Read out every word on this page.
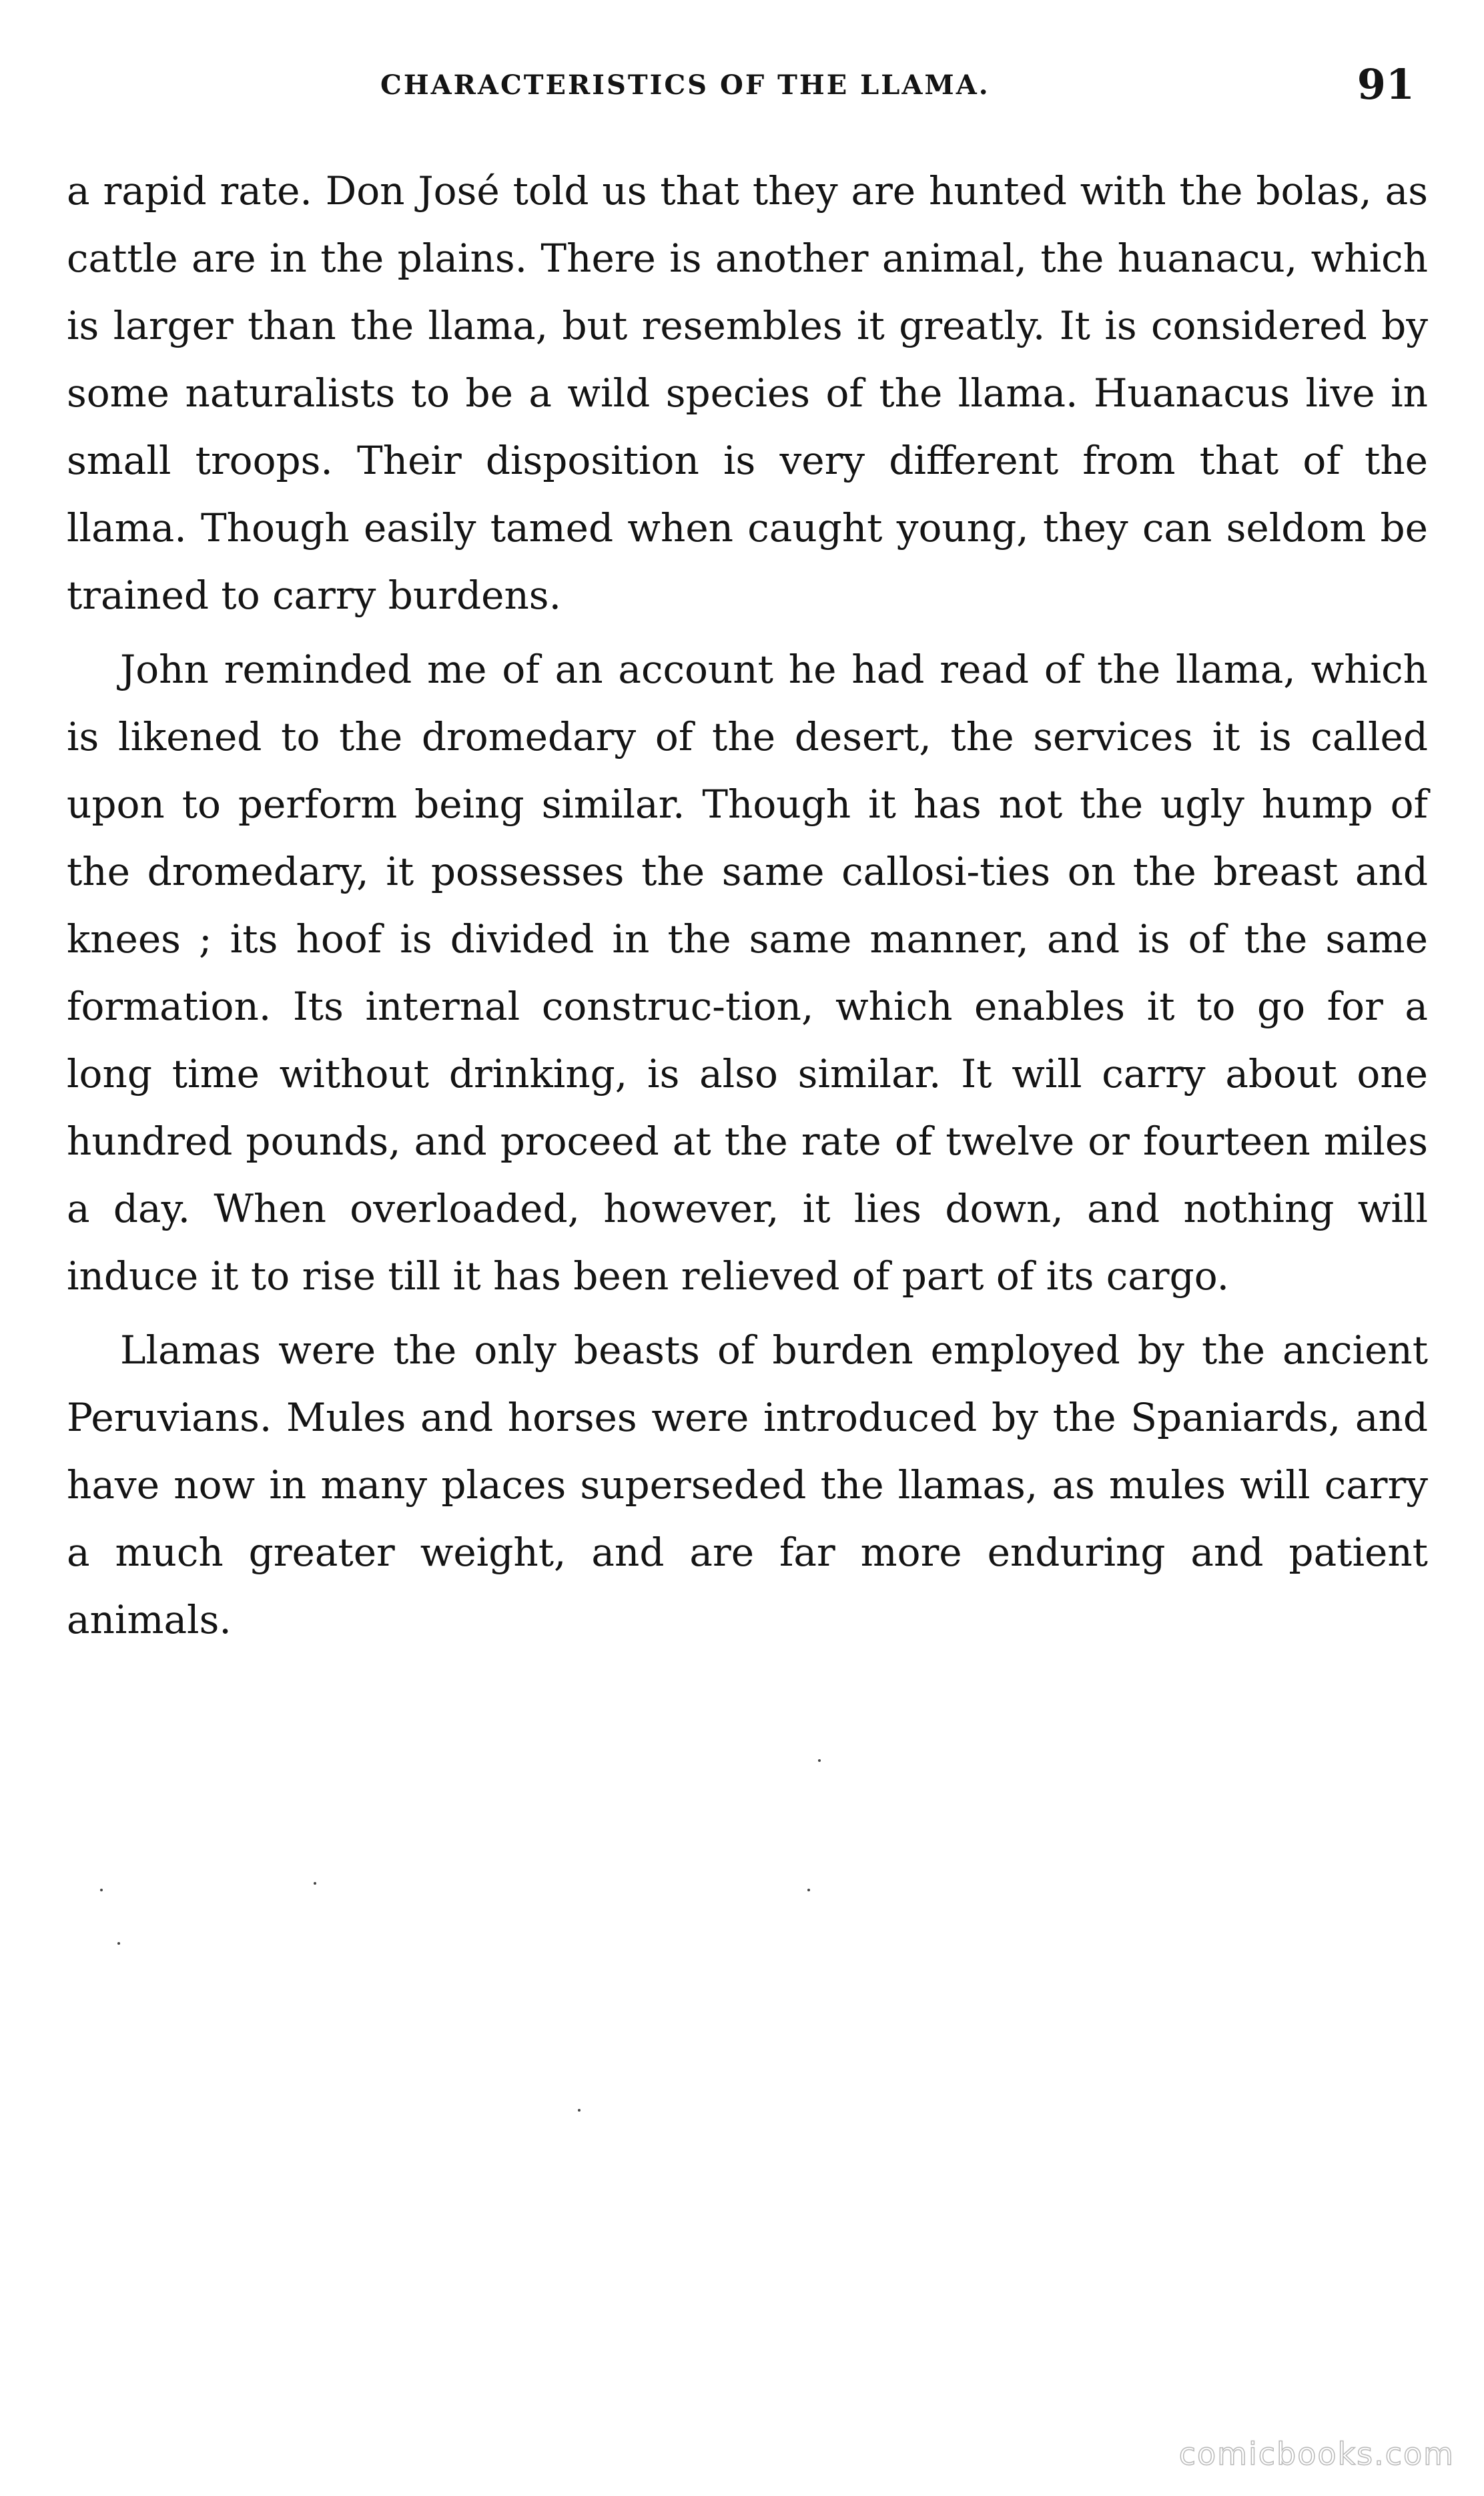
CHARACTERISTICS OF THE LLAMA.	91

a rapid rate. Don José told us that they are hunted with the bolas, as cattle are in the plains. There is another animal, the huanacu, which is larger than the llama, but resembles it greatly. It is considered by some naturalists to be a wild species of the llama. Huanacus live in small troops. Their disposition is very different from that of the llama. Though easily tamed when caught young, they can seldom be trained to carry burdens.

John reminded me of an account he had read of the llama, which is likened to the dromedary of the desert, the services it is called upon to perform being similar. Though it has not the ugly hump of the dromedary, it possesses the same callosi-ties on the breast and knees ; its hoof is divided in the same manner, and is of the same formation. Its internal construc-tion, which enables it to go for a long time without drinking, is also similar. It will carry about one hundred pounds, and proceed at the rate of twelve or fourteen miles a day. When overloaded, however, it lies down, and nothing will induce it to rise till it has been relieved of part of its cargo.

Llamas were the only beasts of burden employed by the ancient Peruvians. Mules and horses were introduced by the Spaniards, and have now in many places superseded the llamas, as mules will carry a much greater weight, and are far more enduring and patient animals.

comicbooks.com
